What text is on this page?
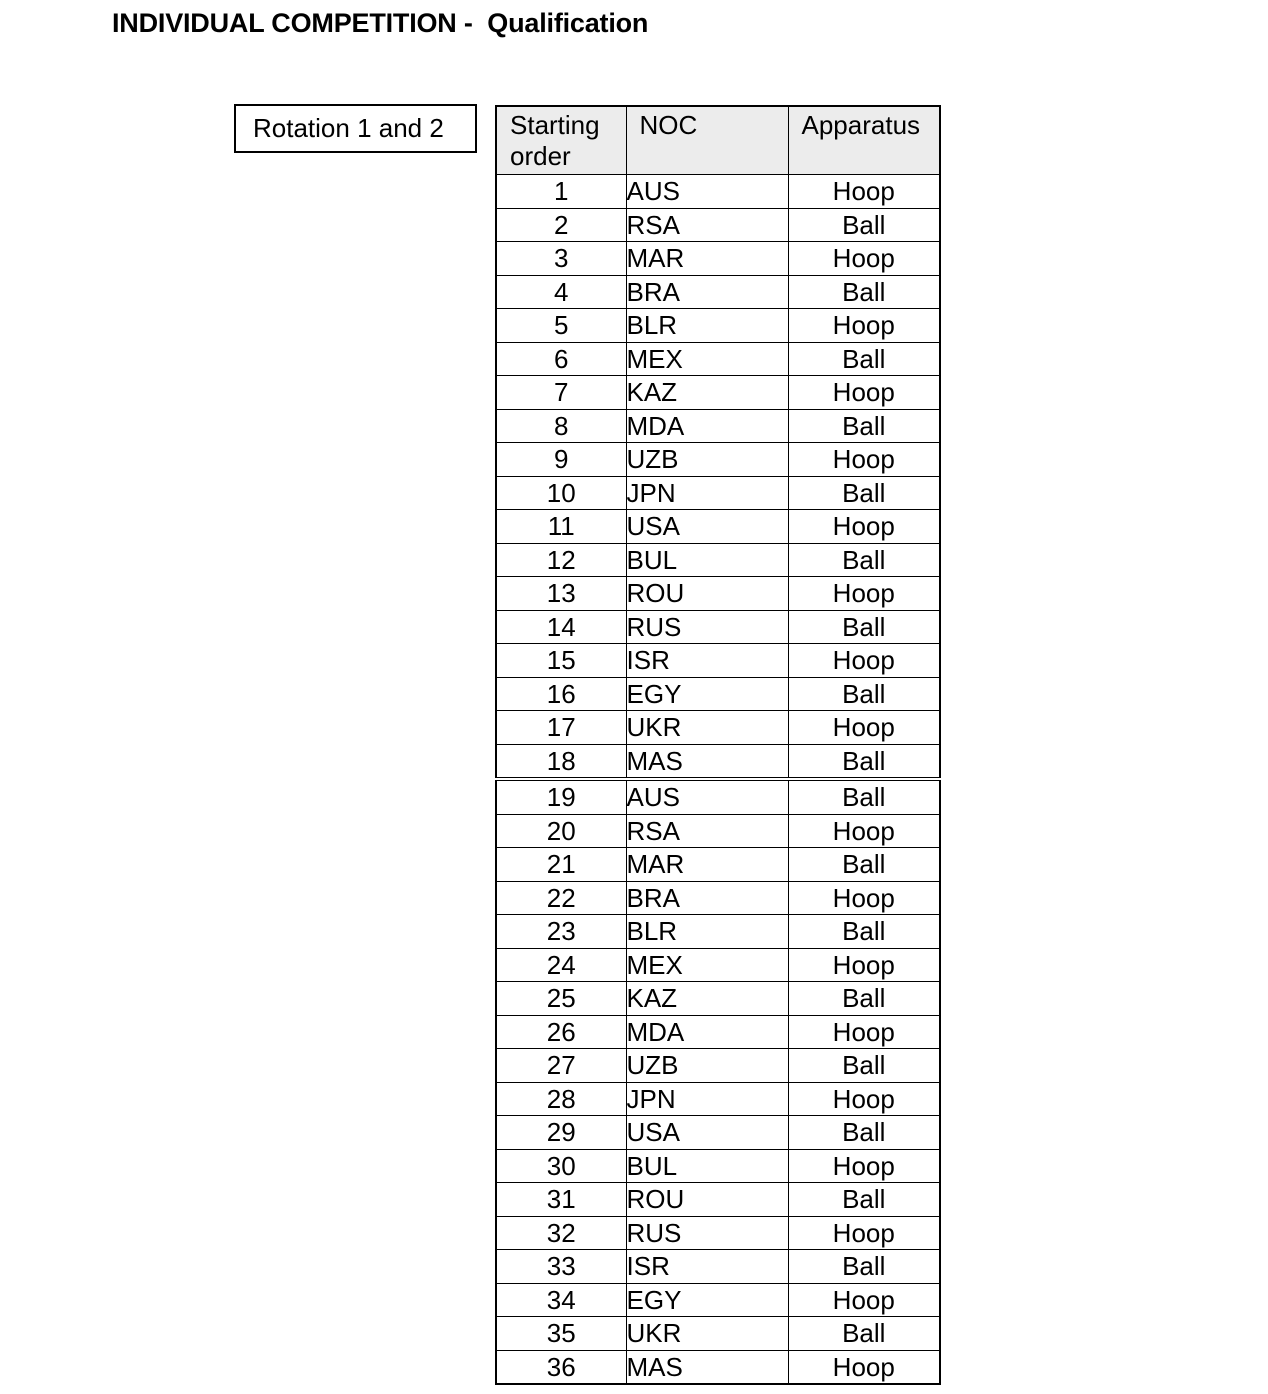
INDIVIDUAL COMPETITION -  Qualification
Rotation 1 and 2	Starting order	NOC	Apparatus
1	AUS	Hoop
2	RSA	Ball
3	MAR	Hoop
4	BRA	Ball
5	BLR	Hoop
6	MEX	Ball
7	KAZ	Hoop
8	MDA	Ball
9	UZB	Hoop
10	JPN	Ball
11	USA	Hoop
12	BUL	Ball
13	ROU	Hoop
14	RUS	Ball
15	ISR	Hoop
16	EGY	Ball
17	UKR	Hoop
18	MAS	Ball
19	AUS	Ball
20	RSA	Hoop
21	MAR	Ball
22	BRA	Hoop
23	BLR	Ball
24	MEX	Hoop
25	KAZ	Ball
26	MDA	Hoop
27	UZB	Ball
28	JPN	Hoop
29	USA	Ball
30	BUL	Hoop
31	ROU	Ball
32	RUS	Hoop
33	ISR	Ball
34	EGY	Hoop
35	UKR	Ball
36	MAS	Hoop
